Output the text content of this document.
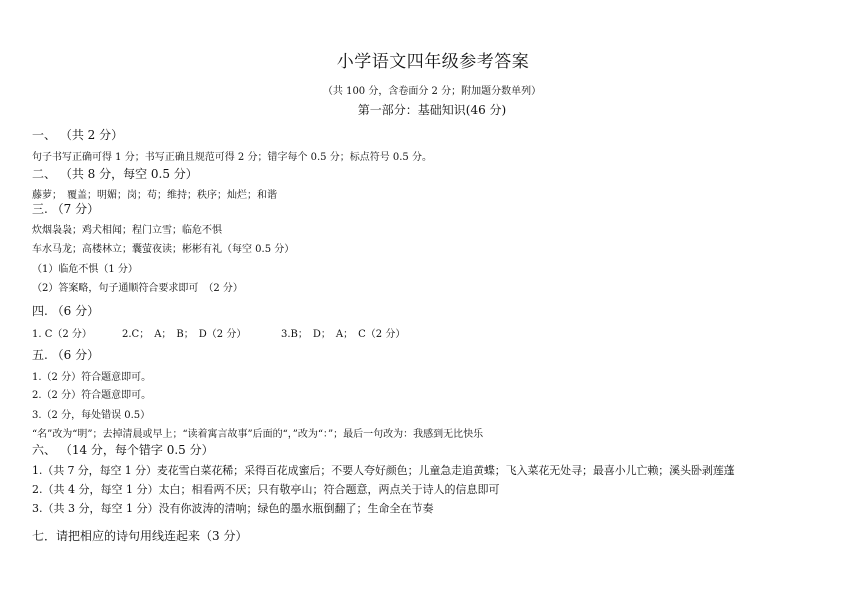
小学语文四年级参考答案
（共 100 分，含卷面分 2 分；附加题分数单列）
第一部分：基础知识(46 分)
一、 （共 2 分）
句子书写正确可得 1 分；书写正确且规范可得 2 分；错字每个 0.5 分；标点符号 0.5 分。
二、 （共 8 分，每空 0.5 分）
藤萝；　覆盖；明媚；岗；苟；维持；秩序；灿烂；和谐
三. （7 分）
炊烟袅袅；鸡犬相闻；程门立雪；临危不惧
车水马龙；高楼林立；囊萤夜读；彬彬有礼（每空 0.5 分）
（1）临危不惧（1 分）
（2）答案略，句子通顺符合要求即可　（2 分）
四. （6 分）
1. C（2 分）	2.C；　A；　B；　D（2 分）	3.B；　D；　A；　C（2 分）
五. （6 分）
1.（2 分）符合题意即可。
2.（2 分）符合题意即可。
3.（2 分，每处错误 0.5）
“名”改为“明”；去掉清晨或早上；“读着寓言故事”后面的“，”改为“：”；最后一句改为：我感到无比快乐
六、 （14 分，每个错字 0.5 分）
1.（共 7 分，每空 1 分）麦花雪白菜花稀；采得百花成蜜后；不要人夸好颜色；儿童急走追黄蝶；飞入菜花无处寻；最喜小儿亡赖；溪头卧剥莲蓬
2.（共 4 分，每空 1 分）太白；相看两不厌；只有敬亭山；符合题意，两点关于诗人的信息即可
3.（共 3 分，每空 1 分）没有你波涛的清响；绿色的墨水瓶倒翻了；生命全在节奏
七．请把相应的诗句用线连起来（3 分）
